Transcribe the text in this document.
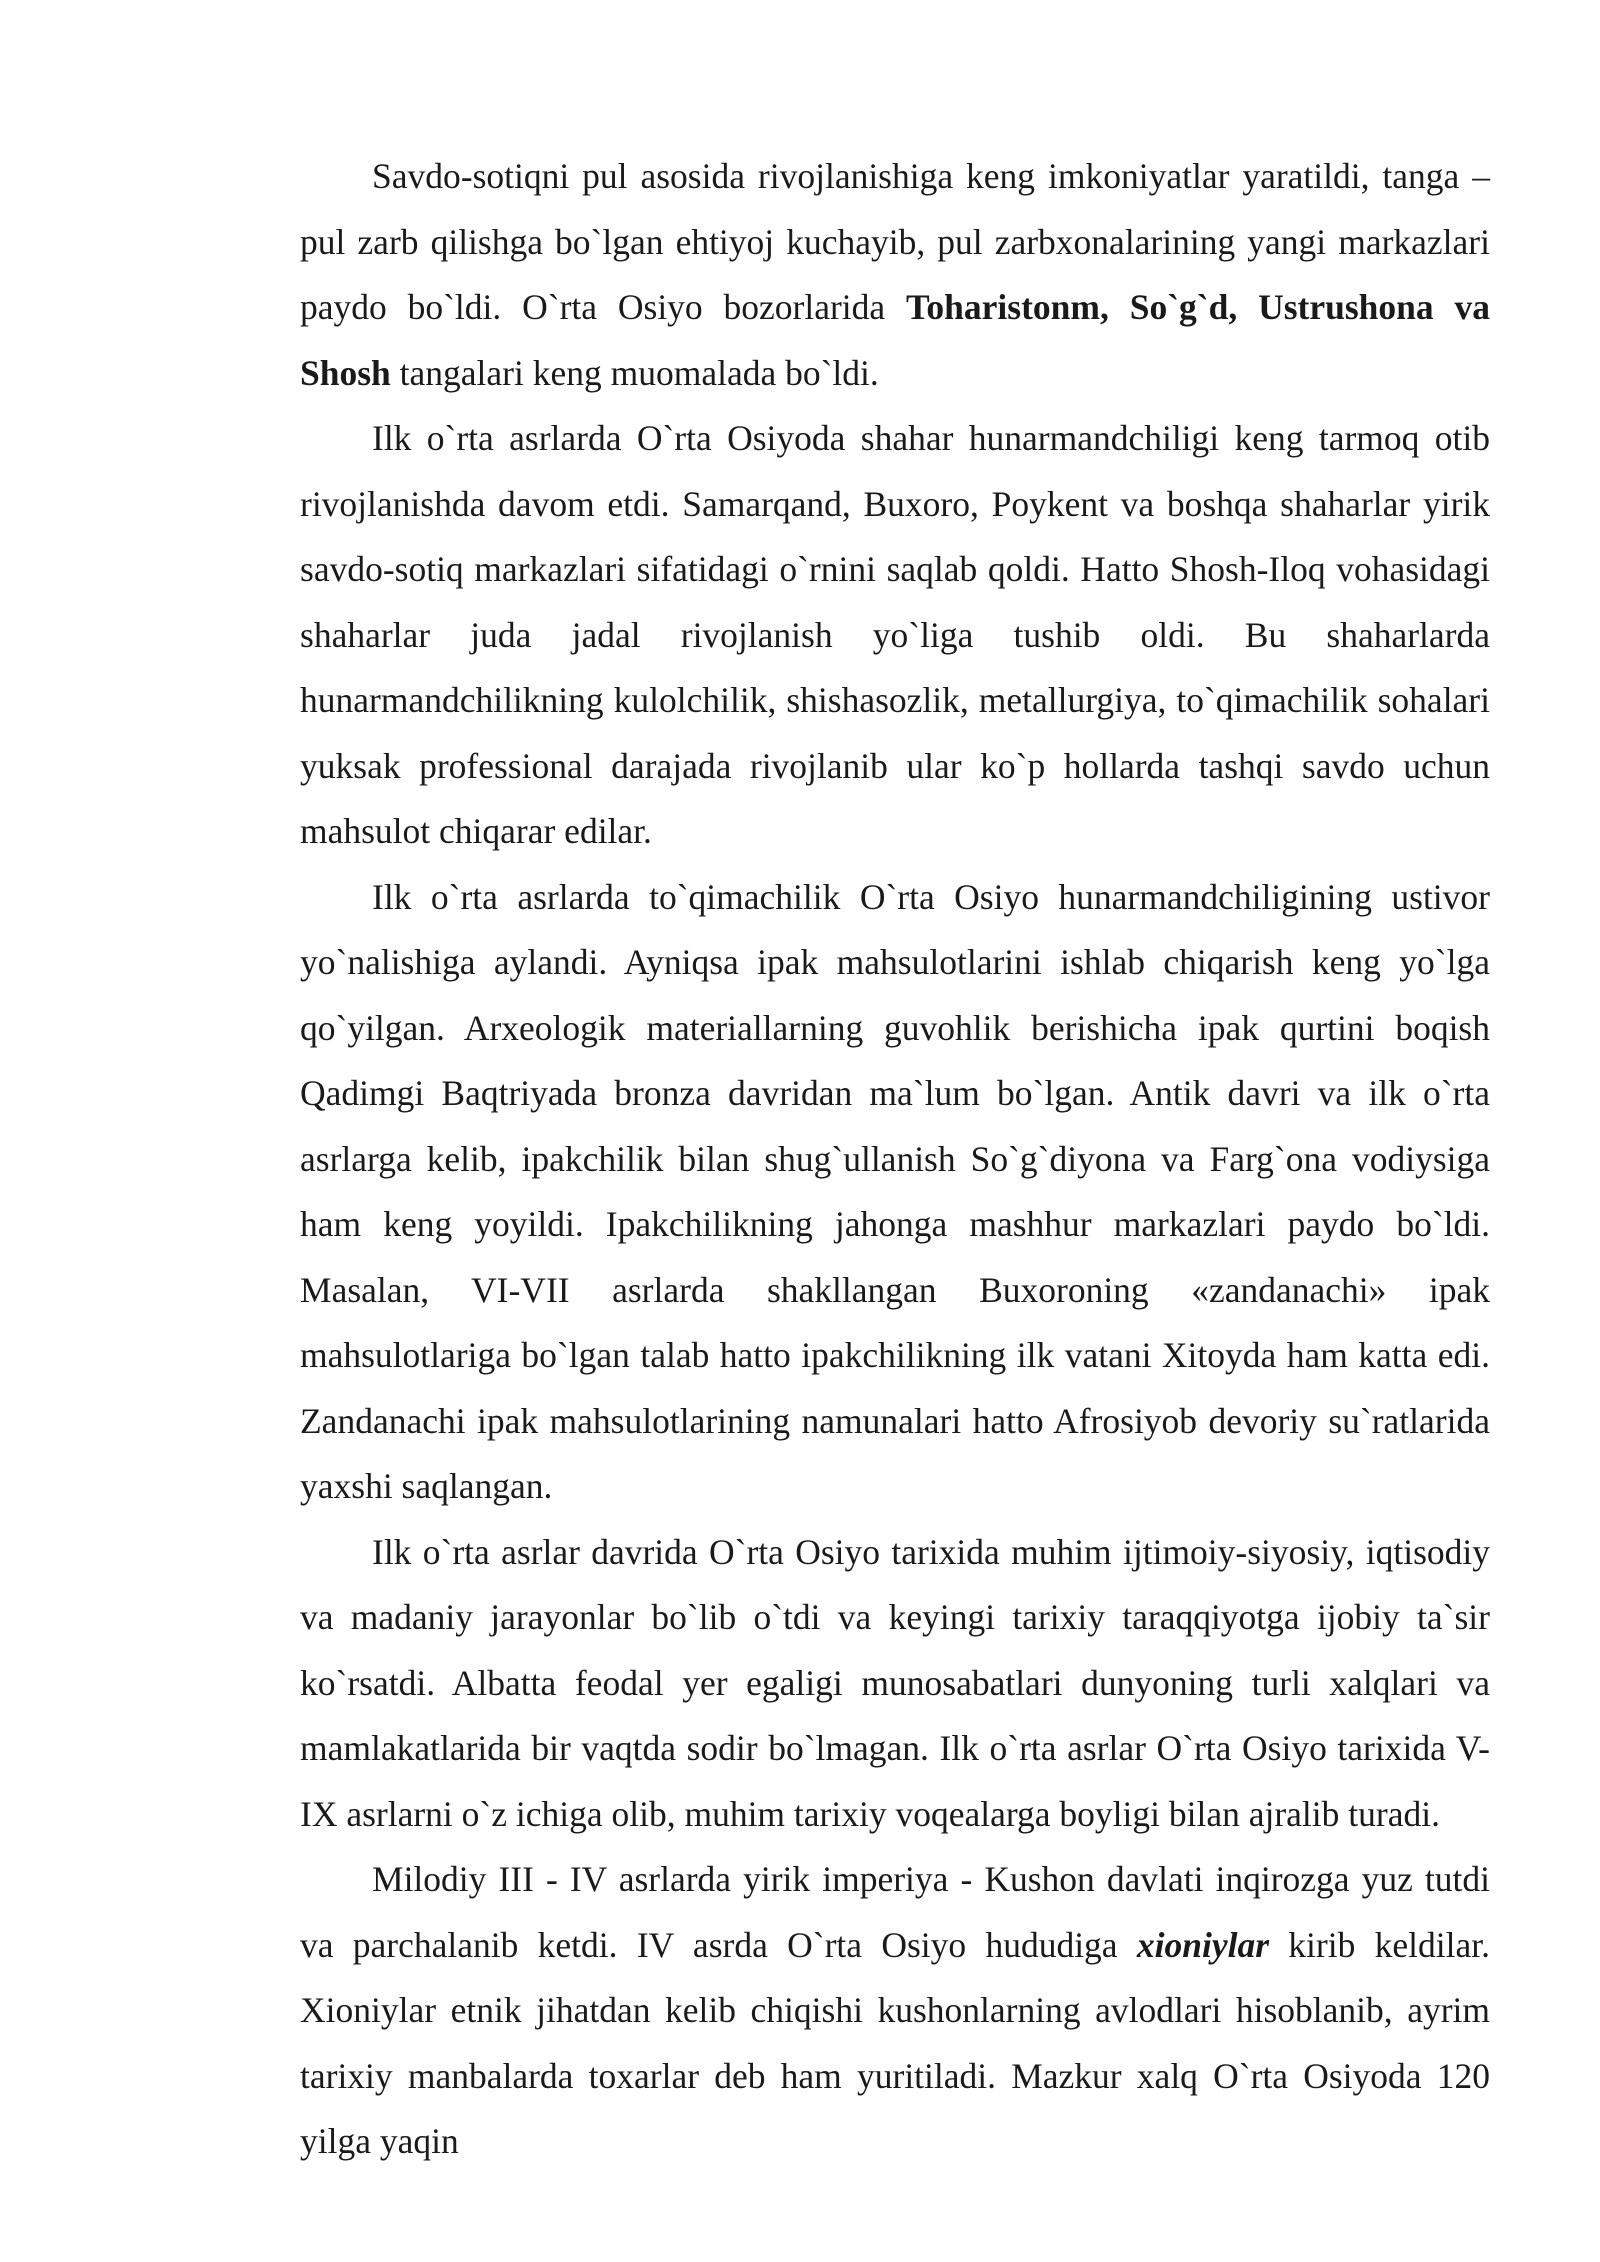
Savdo-sotiqni pul asosida rivojlanishiga keng imkoniyatlar yaratildi, tanga – pul zarb qilishga bo`lgan ehtiyoj kuchayib, pul zarbxonalarining yangi markazlari paydo bo`ldi. O`rta Osiyo bozorlarida Toharistonm, So`g`d, Ustrushona va Shosh tangalari keng muomalada bo`ldi.

Ilk o`rta asrlarda O`rta Osiyoda shahar hunarmandchiligi keng tarmoq otib rivojlanishda davom etdi. Samarqand, Buxoro, Poykent va boshqa shaharlar yirik savdo-sotiq markazlari sifatidagi o`rnini saqlab qoldi. Hatto Shosh-Iloq vohasidagi shaharlar juda jadal rivojlanish yo`liga tushib oldi. Bu shaharlarda hunarmandchilikning kulolchilik, shishasozlik, metallurgiya, to`qimachilik sohalari yuksak professional darajada rivojlanib ular ko`p hollarda tashqi savdo uchun mahsulot chiqarar edilar.

Ilk o`rta asrlarda to`qimachilik O`rta Osiyo hunarmandchiligining ustivor yo`nalishiga aylandi. Ayniqsa ipak mahsulotlarini ishlab chiqarish keng yo`lga qo`yilgan. Arxeologik materiallarning guvohlik berishicha ipak qurtini boqish Qadimgi Baqtriyada bronza davridan ma`lum bo`lgan. Antik davri va ilk o`rta asrlarga kelib, ipakchilik bilan shug`ullanish So`g`diyona va Farg`ona vodiysiga ham keng yoyildi. Ipakchilikning jahonga mashhur markazlari paydo bo`ldi. Masalan, VI-VII asrlarda shakllangan Buxoroning «zandanachi» ipak mahsulotlariga bo`lgan talab hatto ipakchilikning ilk vatani Xitoyda ham katta edi. Zandanachi ipak mahsulotlarining namunalari hatto Afrosiyob devoriy su`ratlarida yaxshi saqlangan.

Ilk o`rta asrlar davrida O`rta Osiyo tarixida muhim ijtimoiy-siyosiy, iqtisodiy va madaniy jarayonlar bo`lib o`tdi va keyingi tarixiy taraqqiyotga ijobiy ta`sir ko`rsatdi. Albatta feodal yer egaligi munosabatlari dunyoning turli xalqlari va mamlakatlarida bir vaqtda sodir bo`lmagan. Ilk o`rta asrlar O`rta Osiyo tarixida V-IX asrlarni o`z ichiga olib, muhim tarixiy voqealarga boyligi bilan ajralib turadi.

Milodiy III - IV asrlarda yirik imperiya - Kushon davlati inqirozga yuz tutdi va parchalanib ketdi. IV asrda O`rta Osiyo hududiga xioniylar kirib keldilar. Xioniylar etnik jihatdan kelib chiqishi kushonlarning avlodlari hisoblanib, ayrim tarixiy manbalarda toxarlar deb ham yuritiladi. Mazkur xalq O`rta Osiyoda 120 yilga yaqin
